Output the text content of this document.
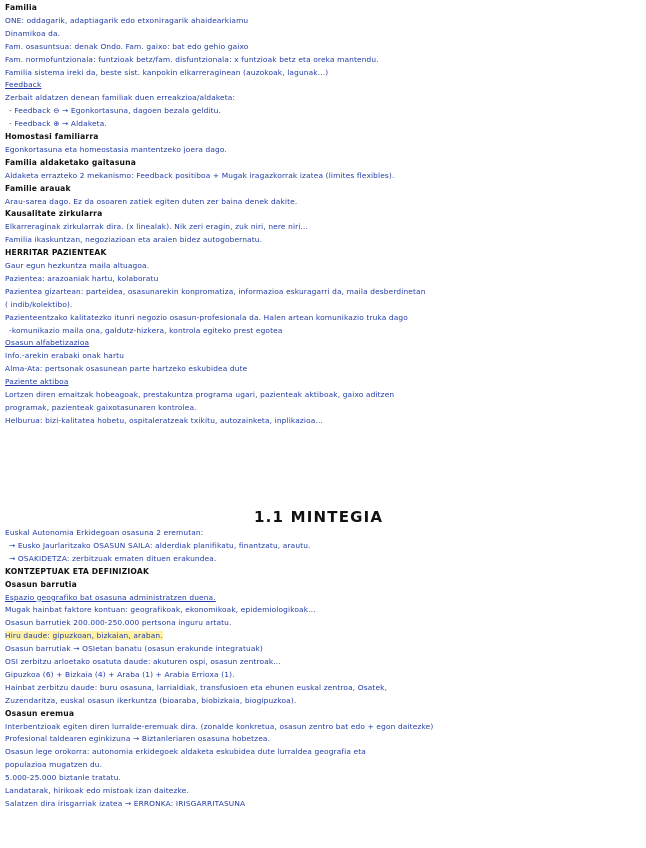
1.1 MINTEGIA
Familia
ONE: oddagarik, adaptiagarik edo etxoniragarik ahaidearkiamu
Dinamikoa da.
Fam. osasuntsua: denak Ondo. Fam. gaixo: bat edo gehio gaixo
Fam. normofuntzionala: funtzioak betz/fam. disfuntzionala: x funtzioak betz eta oreka mantendu.
Familia sistema ireki da, beste sist. kanpokin elkarreraginean (auzokoak, lagunak...)
Feedback
Zerbait aldatzen denean familiak duen erreakzioa/aldaketa:
- Feedback ⊖ → Egonkortasuna, dagoen bezala gelditu.
- Feedback ⊕ → Aldaketa.
Homostasi familiarra
Egonkortasuna eta homeostasia mantentzeko joera dago.
Familia aldaketako gaitasuna
Aldaketa errazteko 2 mekanismo: Feedback positiboa + Mugak iragazkorrak izatea (limites flexibles).
Familie arauak
Arau-sarea dago. Ez da osoaren zatiek egiten duten zer baina denek dakite.
Kausalitate zirkularra
Elkarreraginak zirkularrak dira. (x linealak). Nik zeri eragin, zuk niri, nere niri...
Familia ikaskuntzan, negoziazioan eta araien bidez autogobernatu.
HERRITAR PAZIENTEAK
Gaur egun hezkuntza maila altuagoa.
Pazientea: arazoaniak hartu, kolaboratu
Pazientea gizartean: parteidea, osasunarekin konpromatiza, informazioa eskuragarri da, maila desberdinetan
( indib/kolektibo).
Pazienteentzako kalitatezko itunri negozio osasun-profesionala da. Halen artean komunikazio truka dago
-komunikazio maila ona, galdutz-hizkera, kontrola egiteko prest egotea
Osasun alfabetizazioa
Info.-arekin erabaki onak hartu
Alma-Ata: pertsonak osasunean parte hartzeko eskubidea dute
Paziente aktiboa
Lortzen diren emaitzak hobeagoak, prestakuntza programa ugari, pazienteak aktiboak, gaixo aditzen
programak, pazienteak gaixotasunaren kontrolea.
Helburua: bizi-kalitatea hobetu, ospitaleratzeak txikitu, autozainketa, inplikazioa...
Euskal Autonomia Erkidegoan osasuna 2 eremutan:
→ Eusko Jaurlaritzako OSASUN SAILA: alderdiak planifikatu, finantzatu, arautu.
→ OSAKIDETZA: zerbitzuak ematen dituen erakundea.
KONTZEPTUAK ETA DEFINIZIOAK
Osasun barrutia
Espazio geografiko bat osasuna administratzen duena.
Mugak hainbat faktore kontuan: geografikoak, ekonomikoak, epidemiologikoak...
Osasun barrutiek 200.000-250.000 pertsona inguru artatu.
Hiru daude: gipuzkoan, bizkaian, araban.
Osasun barrutiak → OSIetan banatu (osasun erakunde integratuak)
OSI zerbitzu arloetako osatuta daude: akuturen ospi, osasun zentroak...
Gipuzkoa (6) + Bizkaia (4) + Araba (1) + Arabia Errioxa (1).
Hainbat zerbitzu daude: buru osasuna, larrialdiak, transfusioen eta ehunen euskal zentroa, Osatek,
Zuzendaritza, euskal osasun ikerkuntza (bioaraba, biobizkaia, biogipuzkoa).
Osasun eremua
Interbentzioak egiten diren lurralde-eremuak dira. (zonalde konkretua, osasun zentro bat edo + egon daitezke)
Profesional taldearen eginkizuna → Biztanleriaren osasuna hobetzea.
Osasun lege orokorra: autonomia erkidegoek aldaketa eskubidea dute lurraldea geografia eta
populazioa mugatzen du.
5.000-25.000 biztanle tratatu.
Landatarak, hirikoak edo mistoak izan daitezke.
Salatzen dira irisgarriak izatea → ERRONKA: IRISGARRITASUNA
